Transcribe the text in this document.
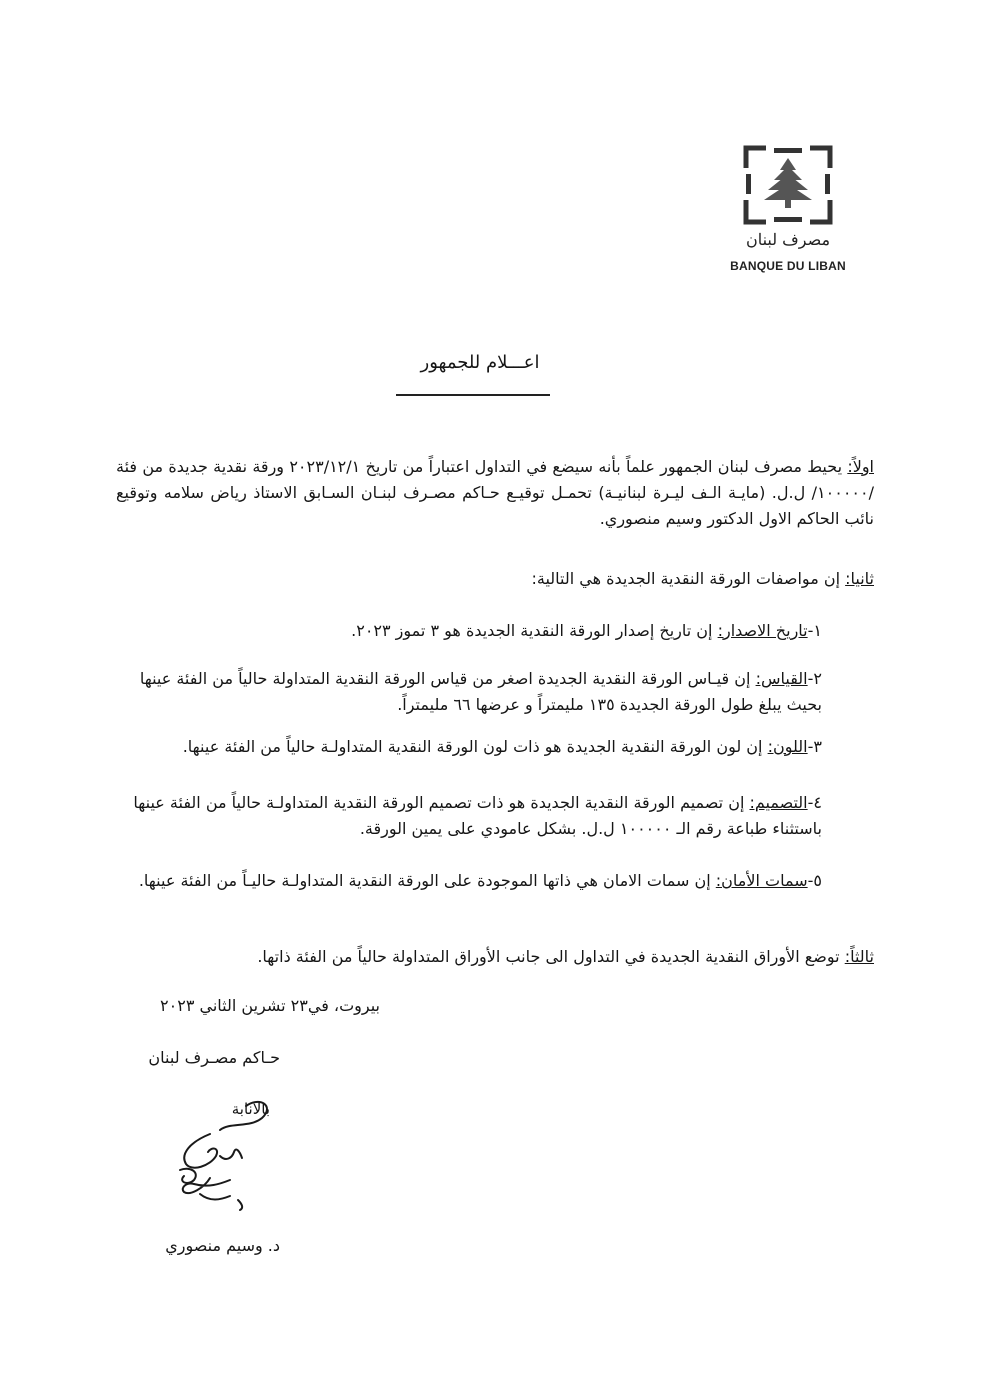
مصرف لبنان
BANQUE DU LIBAN
اعـــلام للجمهور
اولاً: يحيط مصرف لبنان الجمهور علماً بأنه سيضع في التداول اعتباراً من تاريخ ٢٠٢٣/١٢/١ ورقة نقدية جديدة من فئة /١٠٠٠٠٠/ ل.ل. (مايـة الـف ليـرة لبنانيـة) تحمـل توقيـع حـاكم مصـرف لبنـان السـابق الاستاذ رياض سلامه وتوقيع نائب الحاكم الاول الدكتور وسيم منصوري.
ثانيا: إن مواصفات الورقة النقدية الجديدة هي التالية:
١-تاريخ الاصدار: إن تاريخ إصدار الورقة النقدية الجديدة هو ٣ تموز ٢٠٢٣.
٢-القياس: إن قيـاس الورقة النقدية الجديدة اصغر من قياس الورقة النقدية المتداولة حالياً من الفئة عينها بحيث يبلغ طول الورقة الجديدة ١٣٥ مليمتراً و عرضها ٦٦ مليمتراً.
٣-اللون: إن لون الورقة النقدية الجديدة هو ذات لون الورقة النقدية المتداولـة حالياً من الفئة عينها.
٤-التصميم: إن تصميم الورقة النقدية الجديدة هو ذات تصميم الورقة النقدية المتداولـة حالياً من الفئة عينها باستثناء طباعة رقم الـ ١٠٠٠٠٠ ل.ل. بشكل عامودي على يمين الورقة.
٥-سمات الأمان: إن سمات الامان هي ذاتها الموجودة على الورقة النقدية المتداولـة حاليـاً من الفئة عينها.
ثالثاً: توضع الأوراق النقدية الجديدة في التداول الى جانب الأوراق المتداولة حالياً من الفئة ذاتها.
بيروت، في٢٣ تشرين الثاني ٢٠٢٣
حـاكم مصـرف لبنان
بالانابة
د. وسيم منصوري
